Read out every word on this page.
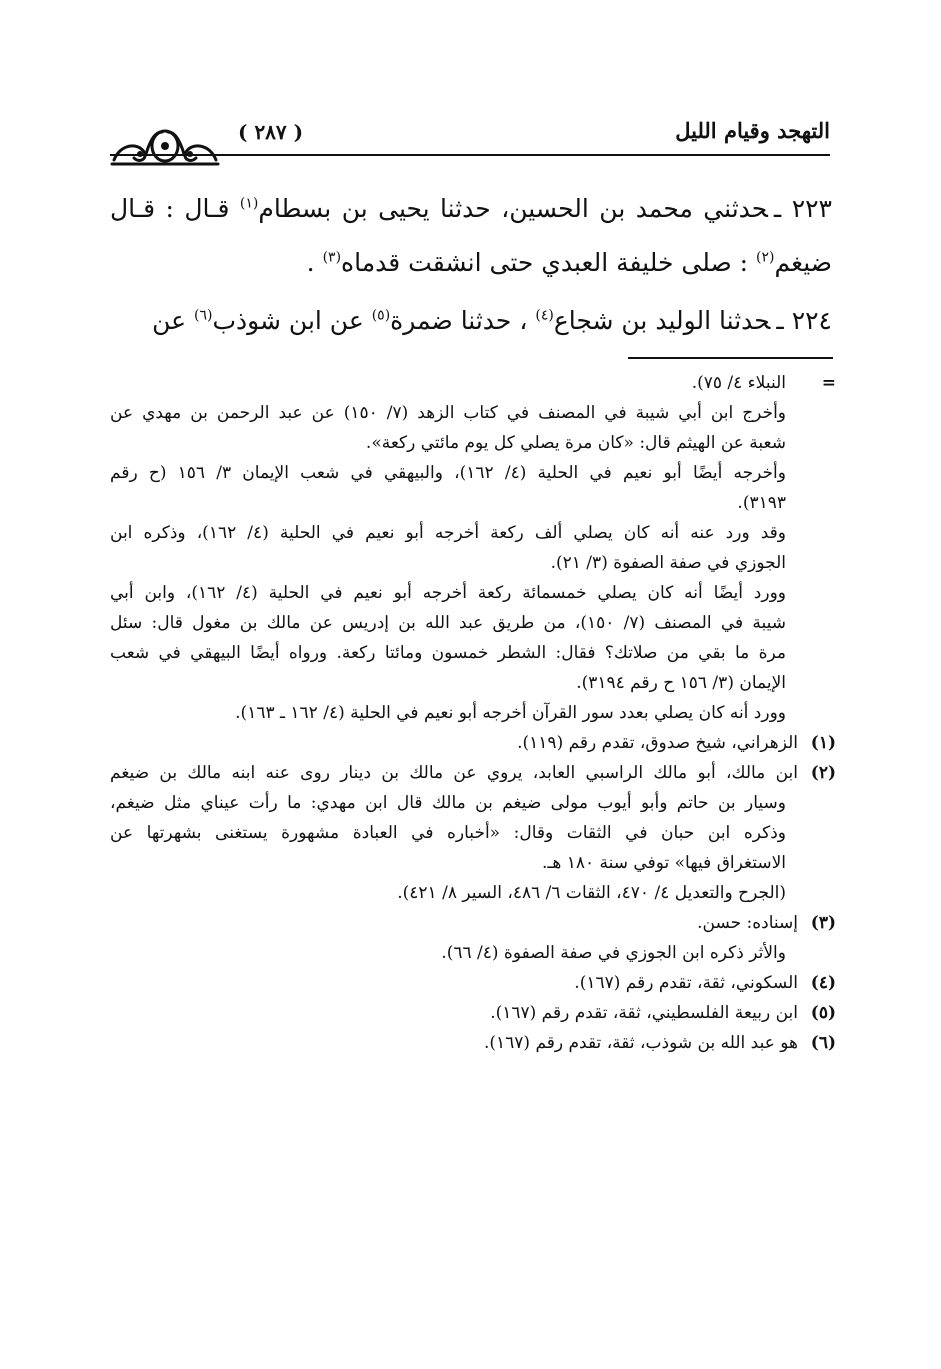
التهجد وقيام الليل
( ٢٨٧ )

٢٢٣ ـحدثني محمد بن الحسين، حدثنا يحيى بن بسطام$^{(١)}$ قـال : قـال ضيغم$^{(٢)}$ : صلى خليفة العبدي حتى انشقت قدماه$^{(٣)}$ .

٢٢٤ ـحدثنا الوليد بن شجاع$^{(٤)}$ ، حدثنا ضمرة$^{(٥)}$ عن ابن شوذب$^{(٦)}$ عن

=النبلاء ٤/ ٧٥).
وأخرج ابن أبي شيبة في المصنف في كتاب الزهد (٧/ ١٥٠) عن عبد الرحمن بن مهدي عن
شعبة عن الهيثم قال: «كان مرة يصلي كل يوم مائتي ركعة».
وأخرجه أيضًا أبو نعيم في الحلية (٤/ ١٦٢)، والبيهقي في شعب الإيمان ٣/ ١٥٦ (ح رقم
٣١٩٣).
وقد ورد عنه أنه كان يصلي ألف ركعة أخرجه أبو نعيم في الحلية (٤/ ١٦٢)، وذكره ابن
الجوزي في صفة الصفوة (٣/ ٢١).
وورد أيضًا أنه كان يصلي خمسمائة ركعة أخرجه أبو نعيم في الحلية (٤/ ١٦٢)، وابن أبي
شيبة في المصنف (٧/ ١٥٠)، من طريق عبد الله بن إدريس عن مالك بن مغول قال: سئل
مرة ما بقي من صلاتك؟ فقال: الشطر خمسون ومائتا ركعة. ورواه أيضًا البيهقي في شعب
الإيمان (٣/ ١٥٦ ح رقم ٣١٩٤).
وورد أنه كان يصلي بعدد سور القرآن أخرجه أبو نعيم في الحلية (٤/ ١٦٢ ـ ١٦٣).
(١)الزهراني، شيخ صدوق، تقدم رقم (١١٩).
(٢)ابن مالك، أبو مالك الراسبي العابد، يروي عن مالك بن دينار روى عنه ابنه مالك بن ضيغم
وسيار بن حاتم وأبو أيوب مولى ضيغم بن مالك قال ابن مهدي: ما رأت عيناي مثل ضيغم،
وذكره ابن حبان في الثقات وقال: «أخباره في العبادة مشهورة يستغنى بشهرتها عن
الاستغراق فيها» توفي سنة ١٨٠ هـ.
(الجرح والتعديل ٤/ ٤٧٠، الثقات ٦/ ٤٨٦، السير ٨/ ٤٢١).
(٣)إسناده: حسن.
والأثر ذكره ابن الجوزي في صفة الصفوة (٤/ ٦٦).
(٤)السكوني، ثقة، تقدم رقم (١٦٧).
(٥)ابن ربيعة الفلسطيني، ثقة، تقدم رقم (١٦٧).
(٦)هو عبد الله بن شوذب، ثقة، تقدم رقم (١٦٧).
